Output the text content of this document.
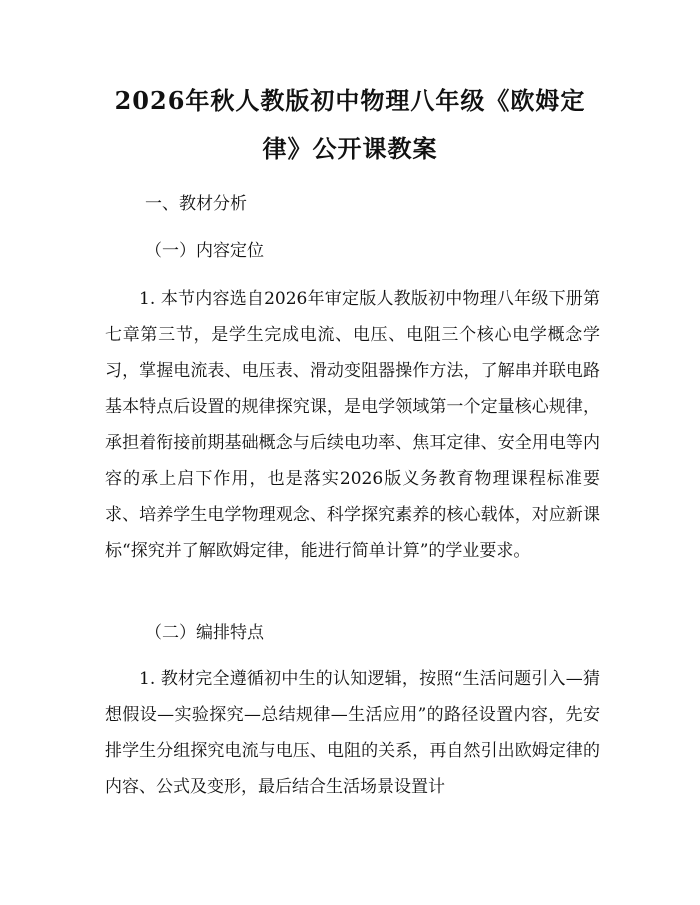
2026年秋人教版初中物理八年级《欧姆定
律》公开课教案
一、教材分析
（一）内容定位
1. 本节内容选自2026年审定版人教版初中物理八年级下册第七章第三节，是学生完成电流、电压、电阻三个核心电学概念学习，掌握电流表、电压表、滑动变阻器操作方法，了解串并联电路基本特点后设置的规律探究课，是电学领域第一个定量核心规律，承担着衔接前期基础概念与后续电功率、焦耳定律、安全用电等内容的承上启下作用，也是落实2026版义务教育物理课程标准要求、培养学生电学物理观念、科学探究素养的核心载体，对应新课标“探究并了解欧姆定律，能进行简单计算”的学业要求。
（二）编排特点
1. 教材完全遵循初中生的认知逻辑，按照“生活问题引入—猜想假设—实验探究—总结规律—生活应用”的路径设置内容，先安排学生分组探究电流与电压、电阻的关系，再自然引出欧姆定律的内容、公式及变形，最后结合生活场景设置计
